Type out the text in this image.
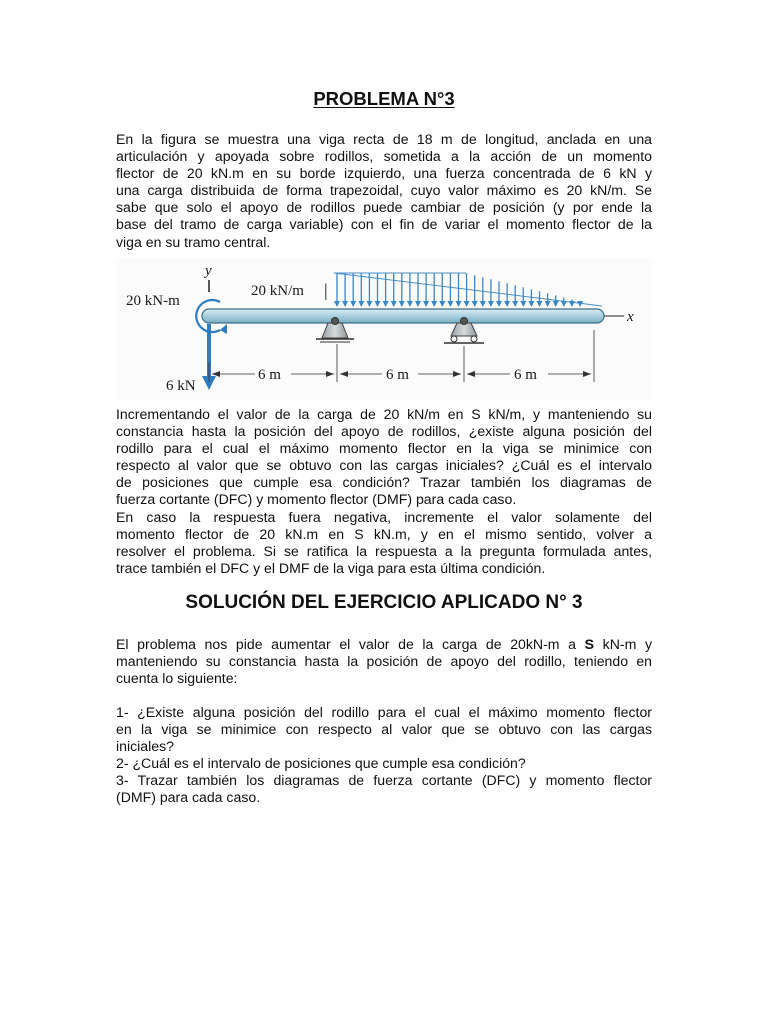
PROBLEMA N°3
En la figura se muestra una viga recta de 18 m de longitud, anclada en una
articulación y apoyada sobre rodillos, sometida a la acción de un momento
flector de 20 kN.m en su borde izquierdo, una fuerza concentrada de 6 kN y
una carga distribuida de forma trapezoidal, cuyo valor máximo es 20 kN/m. Se
sabe que solo el apoyo de rodillos puede cambiar de posición (y por ende la
base del tramo de carga variable) con el fin de variar el momento flector de la
viga en su tramo central.
Incrementando el valor de la carga de 20 kN/m en S kN/m, y manteniendo su
constancia hasta la posición del apoyo de rodillos, ¿existe alguna posición del
rodillo para el cual el máximo momento flector en la viga se minimice con
respecto al valor que se obtuvo con las cargas iniciales? ¿Cuál es el intervalo
de posiciones que cumple esa condición? Trazar también los diagramas de
fuerza cortante (DFC) y momento flector (DMF) para cada caso.
En caso la respuesta fuera negativa, incremente el valor solamente del
momento flector de 20 kN.m en S kN.m, y en el mismo sentido, volver a
resolver el problema. Si se ratifica la respuesta a la pregunta formulada antes,
trace también el DFC y el DMF de la viga para esta última condición.
SOLUCIÓN DEL EJERCICIO APLICADO N° 3
El problema nos pide aumentar el valor de la carga de 20kN-m a S kN-m y
manteniendo su constancia hasta la posición de apoyo del rodillo, teniendo en
cuenta lo siguiente:
1- ¿Existe alguna posición del rodillo para el cual el máximo momento flector
en la viga se minimice con respecto al valor que se obtuvo con las cargas
iniciales?
2- ¿Cuál es el intervalo de posiciones que cumple esa condición?
3- Trazar también los diagramas de fuerza cortante (DFC) y momento flector
(DMF) para cada caso.
y
20 kN/m |
x
20 kN-m
6 kN
6 m	6 m	6 m
